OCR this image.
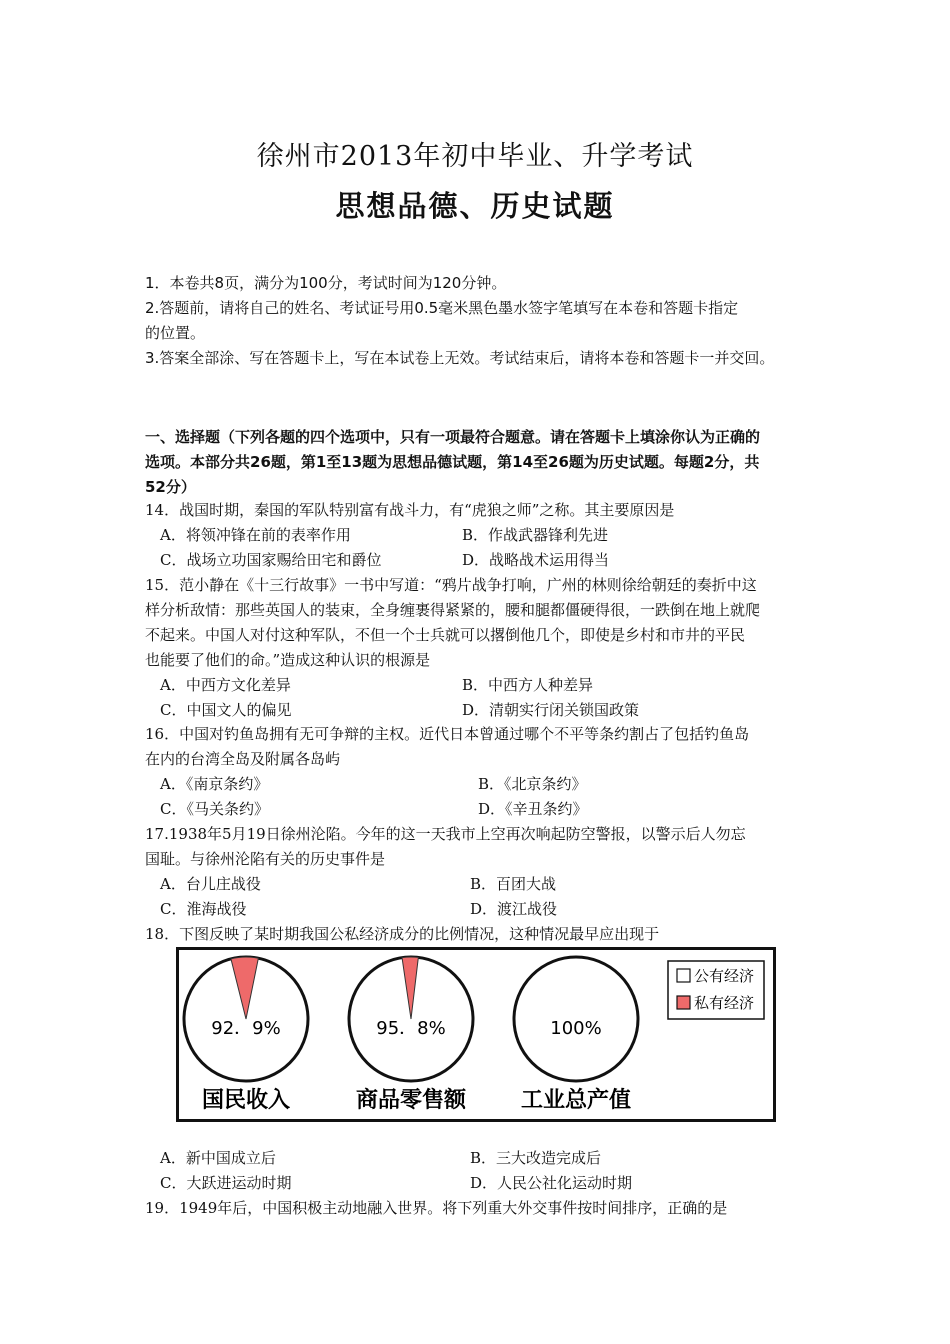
徐州市2013年初中毕业、升学考试
思想品德、历史试题
1．本卷共8页，满分为100分，考试时间为120分钟。
2.答题前，请将自己的姓名、考试证号用0.5毫米黑色墨水签字笔填写在本卷和答题卡指定
的位置。
3.答案全部涂、写在答题卡上，写在本试卷上无效。考试结束后，请将本卷和答题卡一并交回。
一、选择题（下列各题的四个选项中，只有一项最符合题意。请在答题卡上填涂你认为正确的
选项。本部分共26题，第1至13题为思想品德试题，第14至26题为历史试题。每题2分，共
52分）
14．战国时期，秦国的军队特别富有战斗力，有“虎狼之师”之称。其主要原因是
A．将领冲锋在前的表率作用	B．作战武器锋利先进
C．战场立功国家赐给田宅和爵位	D．战略战术运用得当
15．范小静在《十三行故事》一书中写道：“鸦片战争打响，广州的林则徐给朝廷的奏折中这
样分析敌情：那些英国人的装束，全身缠裹得紧紧的，腰和腿都僵硬得很，一跌倒在地上就爬
不起来。中国人对付这种军队，不但一个士兵就可以撂倒他几个，即使是乡村和市井的平民
也能要了他们的命。”造成这种认识的根源是
A．中西方文化差异	B．中西方人种差异
C．中国文人的偏见	D．清朝实行闭关锁国政策
16．中国对钓鱼岛拥有无可争辩的主权。近代日本曾通过哪个不平等条约割占了包括钓鱼岛
在内的台湾全岛及附属各岛屿
A．《南京条约》	B．《北京条约》
C．《马关条约》	D．《辛丑条约》
17.1938年5月19日徐州沦陷。今年的这一天我市上空再次响起防空警报，以警示后人勿忘
国耻。与徐州沦陷有关的历史事件是
A．台儿庄战役	B．百团大战
C．淮海战役	D．渡江战役
18．下图反映了某时期我国公私经济成分的比例情况，这种情况最早应出现于
92．9%
国民收入
95．8%
商品零售额
100%
工业总产值
公有经济
私有经济
A．新中国成立后	B．三大改造完成后
C．大跃进运动时期	D．人民公社化运动时期
19．1949年后，中国积极主动地融入世界。将下列重大外交事件按时间排序，正确的是
